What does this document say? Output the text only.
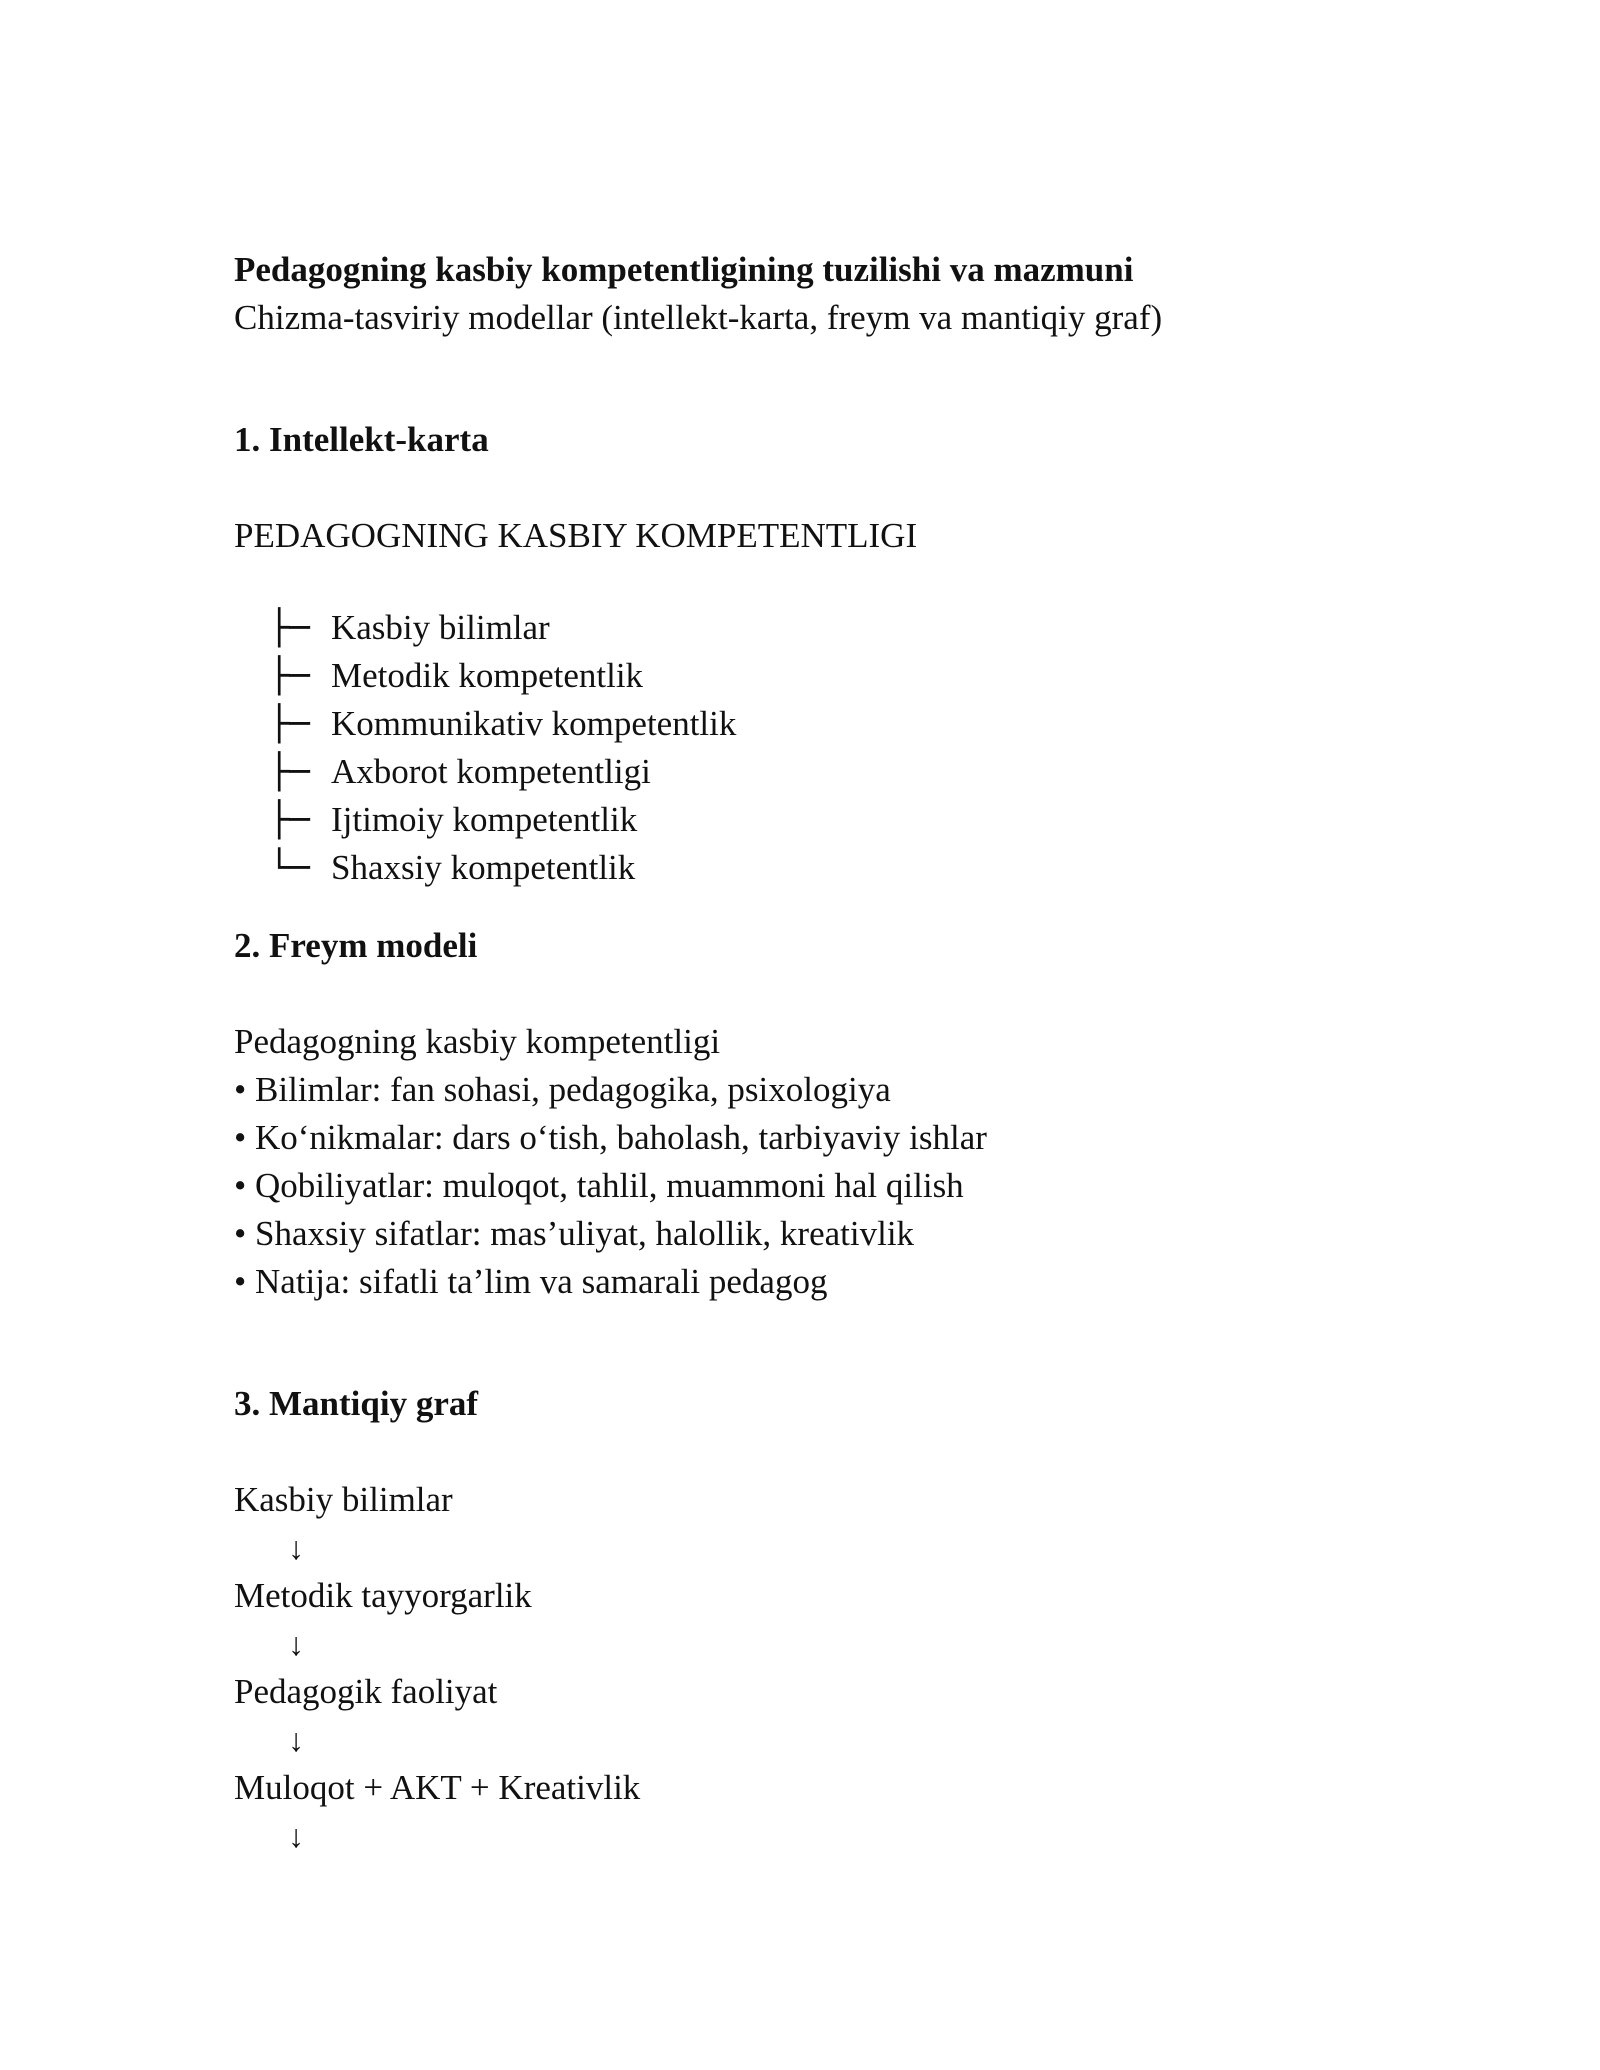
Pedagogning kasbiy kompetentligining tuzilishi va mazmuni
Chizma-tasviriy modellar (intellekt-karta, freym va mantiqiy graf)
1. Intellekt-karta
PEDAGOGNING KASBIY KOMPETENTLIGI

├─ Kasbiy bilimlar

├─ Metodik kompetentlik

├─ Kommunikativ kompetentlik

├─ Axborot kompetentligi

├─ Ijtimoiy kompetentlik

└─ Shaxsiy kompetentlik

2. Freym modeli
Pedagogning kasbiy kompetentligi
• Bilimlar: fan sohasi, pedagogika, psixologiya
• Ko‘nikmalar: dars o‘tish, baholash, tarbiyaviy ishlar
• Qobiliyatlar: muloqot, tahlil, muammoni hal qilish
• Shaxsiy sifatlar: mas’uliyat, halollik, kreativlik
• Natija: sifatli ta’lim va samarali pedagog
3. Mantiqiy graf
Kasbiy bilimlar
↓
Metodik tayyorgarlik
↓
Pedagogik faoliyat
↓
Muloqot + AKT + Kreativlik
↓
